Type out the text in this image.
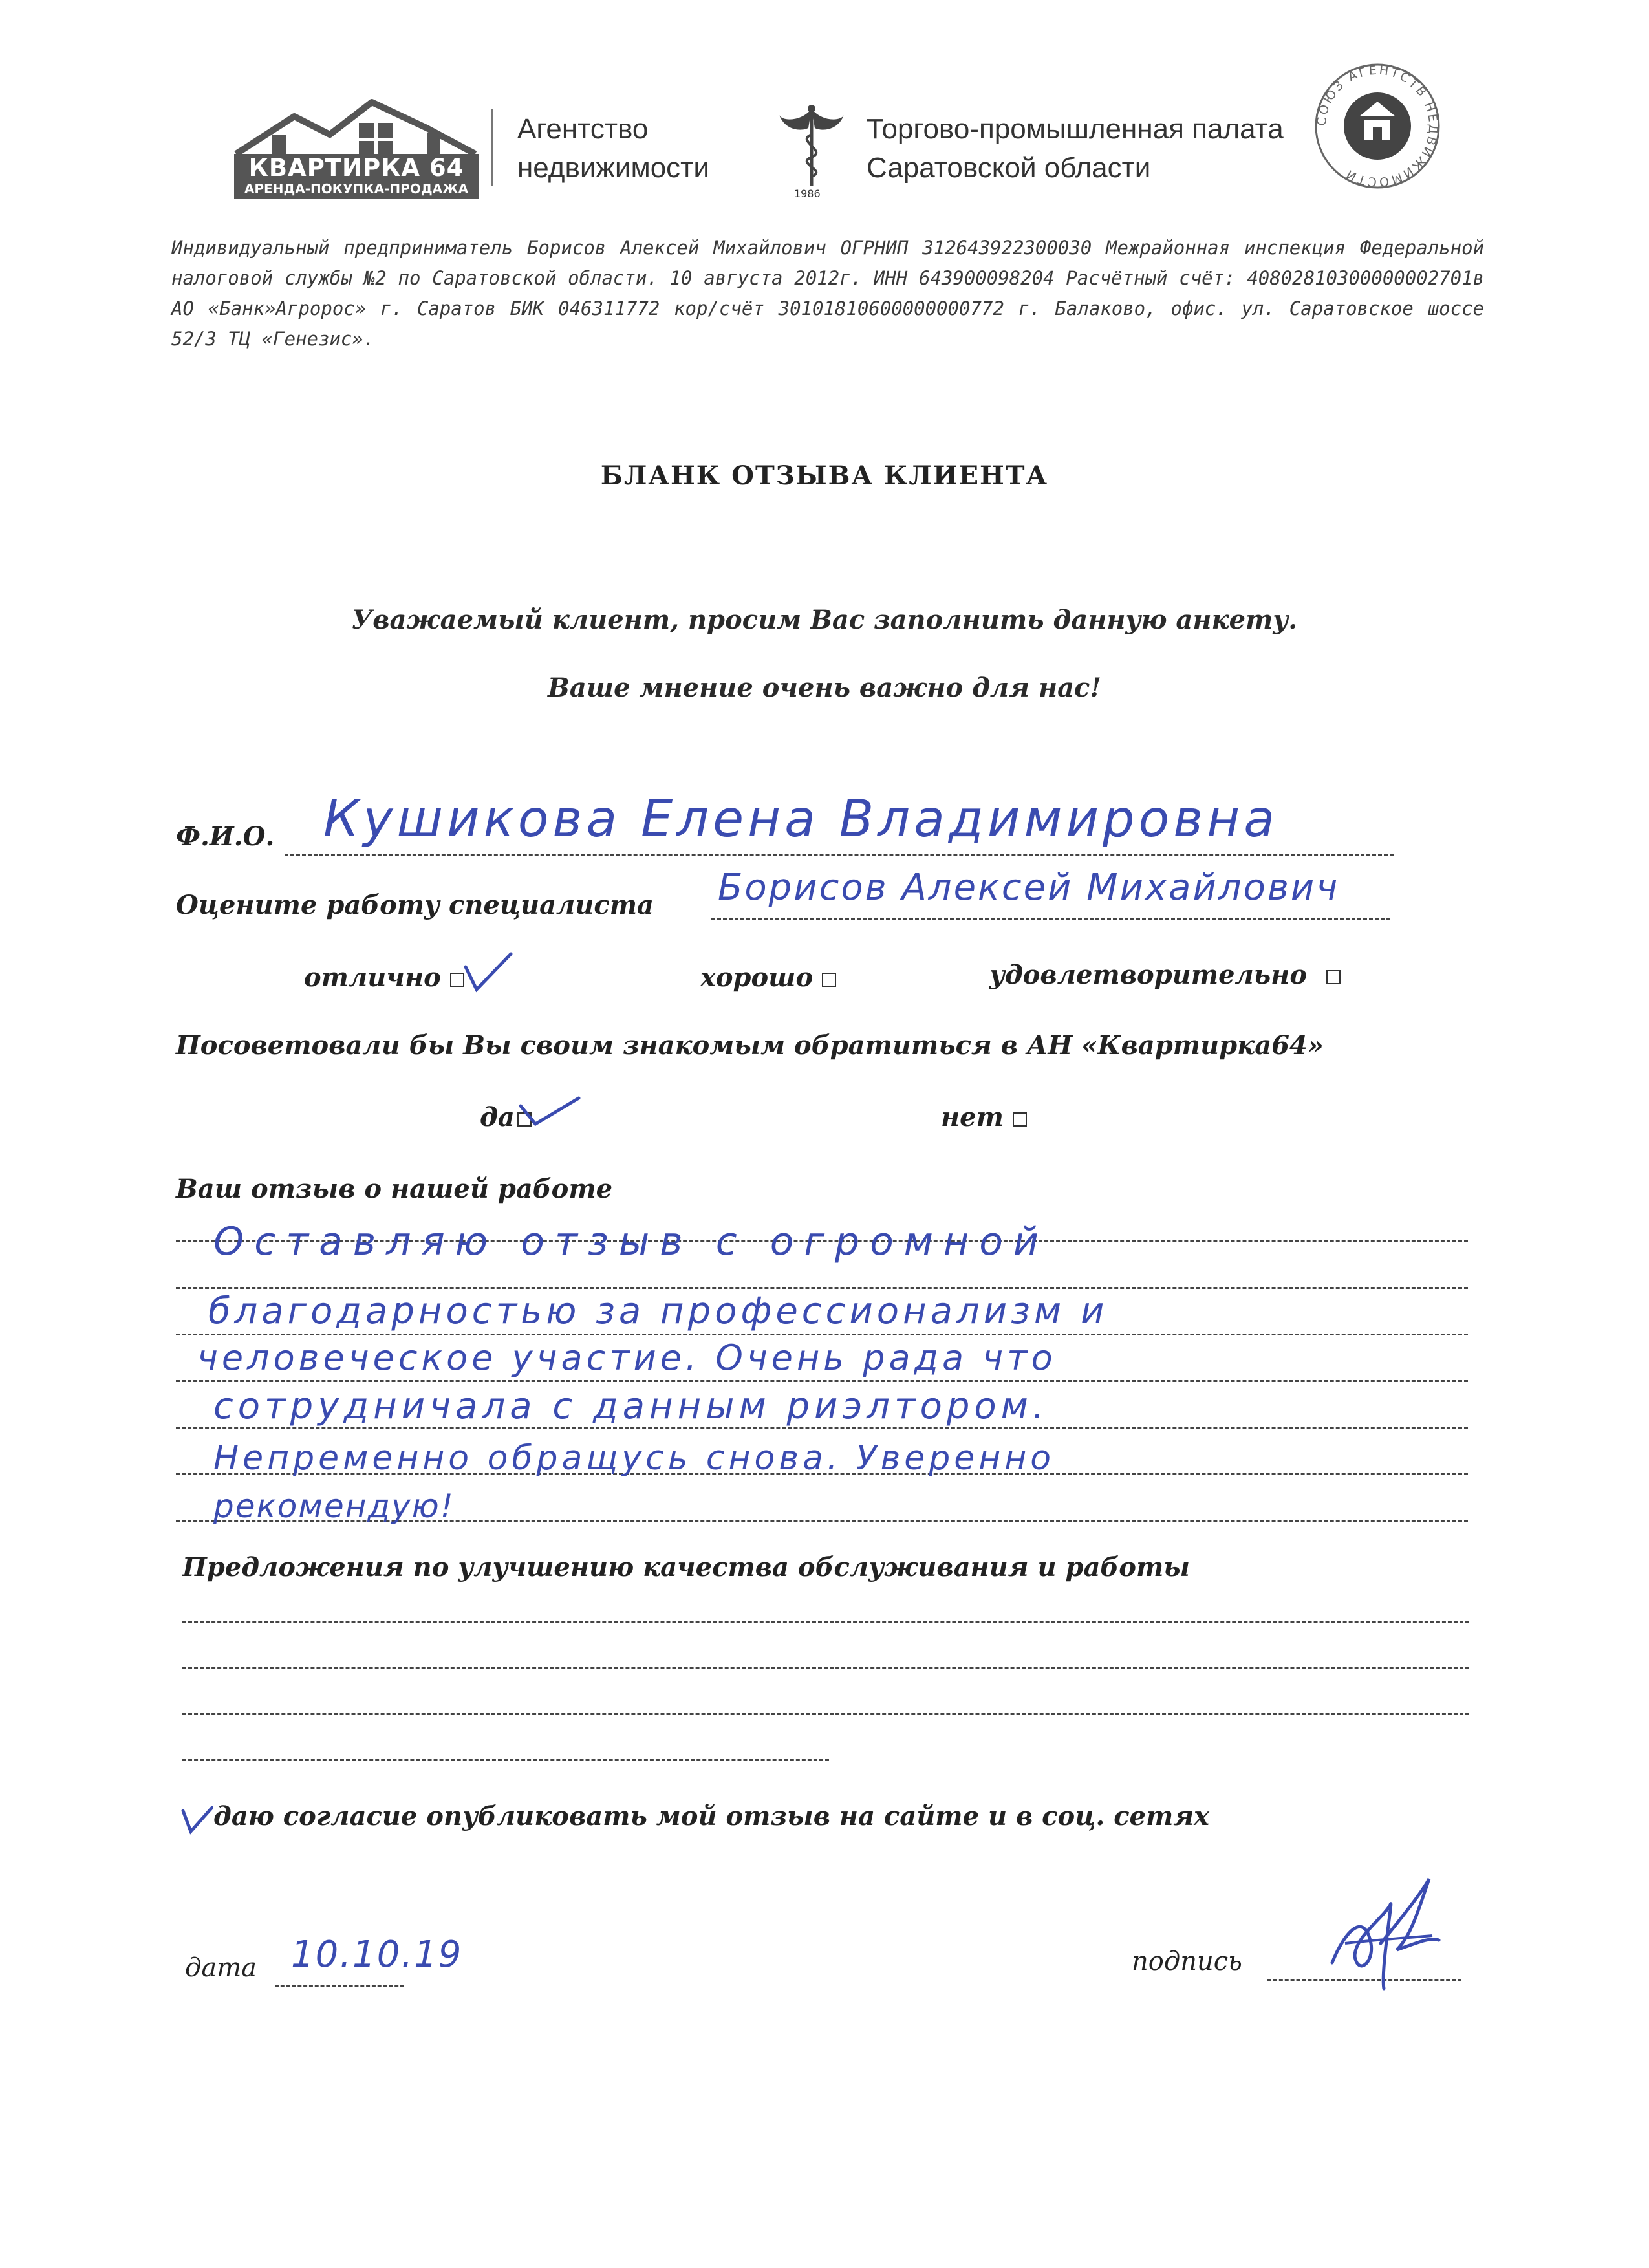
КВАРТИРКА 64
АРЕНДА-ПОКУПКА-ПРОДАЖА
Агентство
недвижимости
1986
Торгово-промышленная палата
Саратовской области
СОЮЗ АГЕНТСТВ НЕДВИЖИМОСТИ
Индивидуальный предприниматель Борисов Алексей Михайлович ОГРНИП 312643922300030 Межрайонная инспекция Федеральной налоговой службы №2 по Саратовской области. 10 августа 2012г. ИНН 643900098204 Расчётный счёт: 40802810300000002701в АО «Банк»Агророс» г. Саратов БИК 046311772 кор/счёт 30101810600000000772 г. Балаково, офис. ул. Саратовское шоссе 52/3 ТЦ «Генезис».
БЛАНК ОТЗЫВА КЛИЕНТА
Уважаемый клиент, просим Вас заполнить данную анкету.
Ваше мнение очень важно для нас!
Ф.И.О. Кушикова Елена Владимировна
Оцените работу специалиста Борисов Алексей Михайлович
отлично	хорошо	удовлетворительно
Посоветовали бы Вы своим знакомым обратиться в АН «Квартирка64»
да	нет
Ваш отзыв о нашей работе
Оставляю отзыв с огромной
благодарностью за профессионализм и
человеческое участие. Очень рада что
сотрудничала с данным риэлтором.
Непременно обращусь снова. Уверенно
рекомендую!
Предложения по улучшению качества обслуживания и работы
даю согласие опубликовать мой отзыв на сайте и в соц. сетях
дата 10.10.19	подпись
